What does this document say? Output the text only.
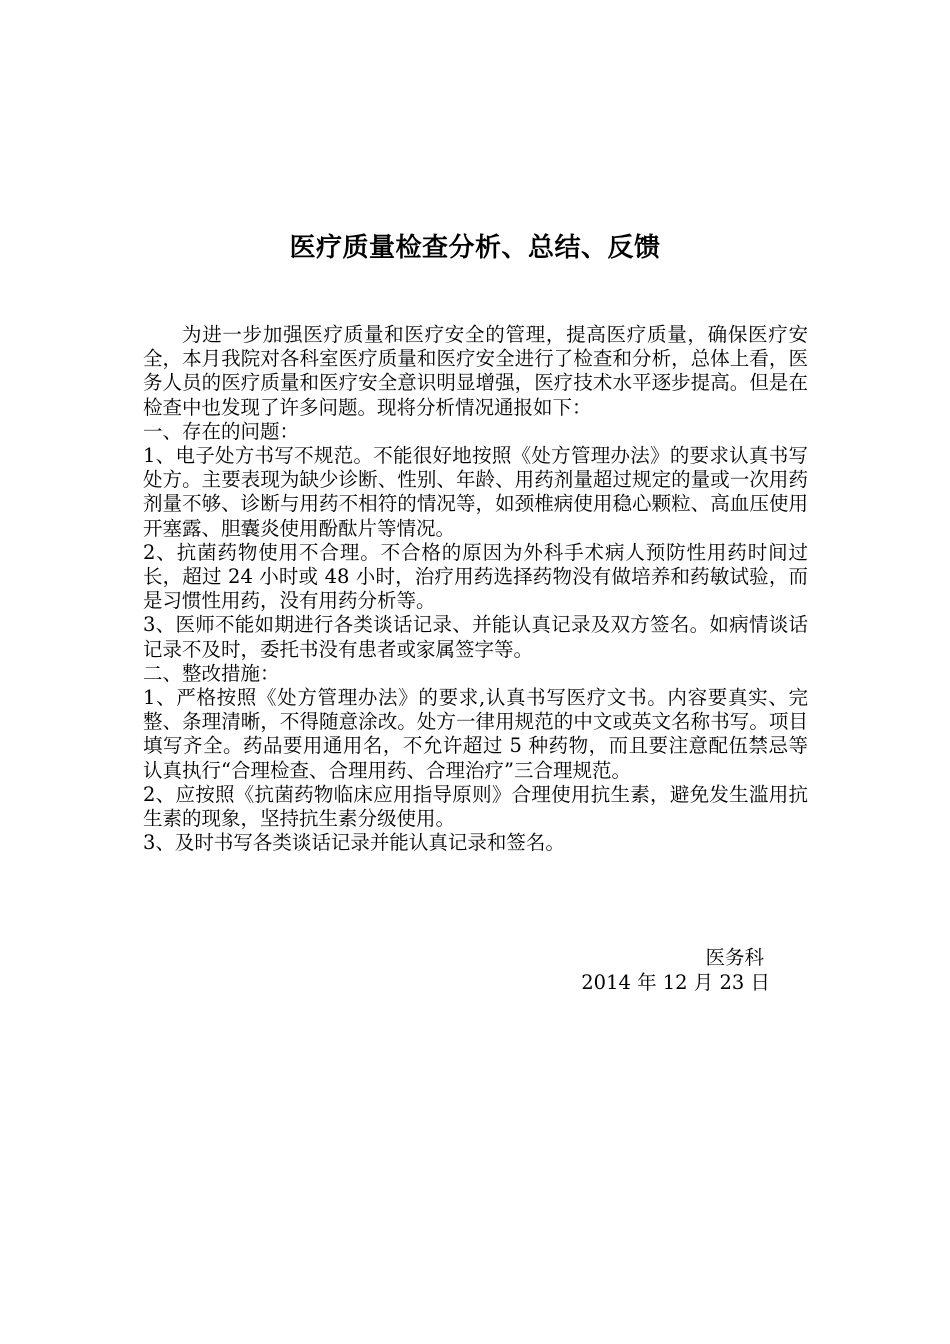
医疗质量检查分析、总结、反馈

为进一步加强医疗质量和医疗安全的管理，提高医疗质量，确保医疗安全，本月我院对各科室医疗质量和医疗安全进行了检查和分析，总体上看，医务人员的医疗质量和医疗安全意识明显增强，医疗技术水平逐步提高。但是在检查中也发现了许多问题。现将分析情况通报如下：

一、存在的问题：

1、电子处方书写不规范。不能很好地按照《处方管理办法》的要求认真书写处方。主要表现为缺少诊断、性别、年龄、用药剂量超过规定的量或一次用药剂量不够、诊断与用药不相符的情况等，如颈椎病使用稳心颗粒、高血压使用开塞露、胆囊炎使用酚酞片等情况。

2、抗菌药物使用不合理。不合格的原因为外科手术病人预防性用药时间过长，超过 24 小时或 48 小时，治疗用药选择药物没有做培养和药敏试验，而是习惯性用药，没有用药分析等。

3、医师不能如期进行各类谈话记录、并能认真记录及双方签名。如病情谈话记录不及时，委托书没有患者或家属签字等。

二、整改措施：

1、严格按照《处方管理办法》的要求,认真书写医疗文书。内容要真实、完整、条理清晰，不得随意涂改。处方一律用规范的中文或英文名称书写。项目填写齐全。药品要用通用名，不允许超过 5 种药物，而且要注意配伍禁忌等认真执行“合理检查、合理用药、合理治疗”三合理规范。

2、应按照《抗菌药物临床应用指导原则》合理使用抗生素，避免发生滥用抗生素的现象，坚持抗生素分级使用。

3、及时书写各类谈话记录并能认真记录和签名。

医务科
2014 年 12 月 23 日
